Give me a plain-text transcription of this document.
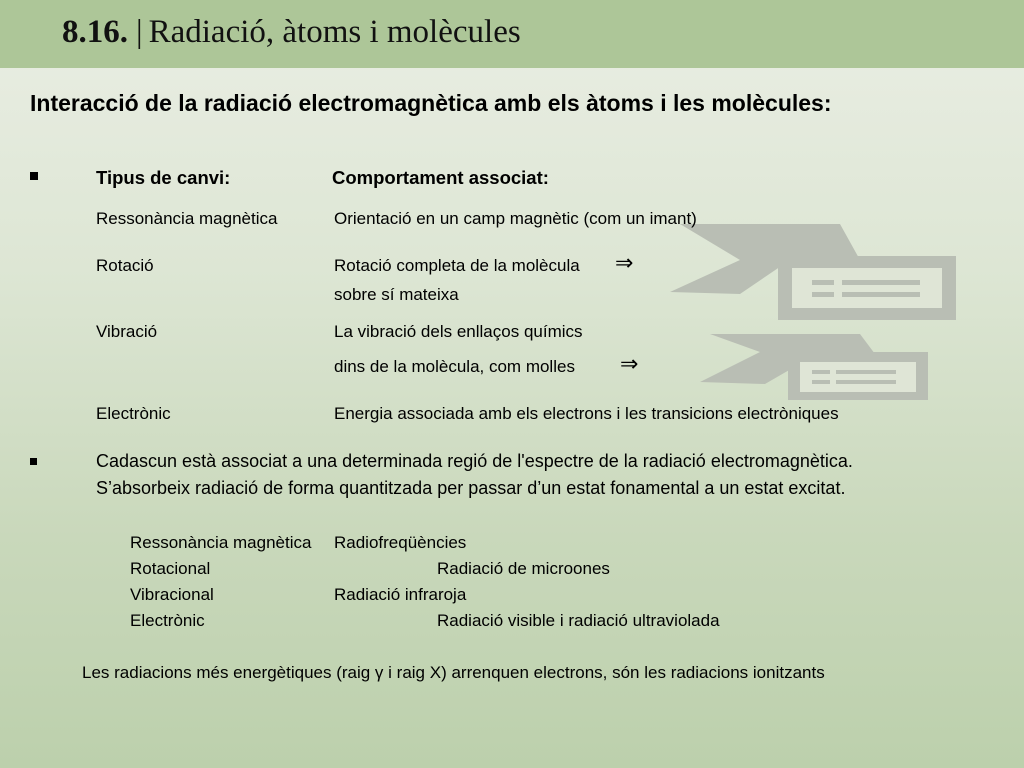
8.16. | Radiació, àtoms i molècules
Interacció de la radiació electromagnètica amb els àtoms i les molècules:
Tipus de canvi:	Comportament associat:
Ressonància magnètica	Orientació en un camp magnètic (com un imant)
Rotació	Rotació completa de la molècula ⇒
sobre sí mateixa
Vibració	La vibració dels enllaços químics
dins de la molècula, com molles ⇒
Electrònic	Energia associada amb els electrons i les transicions electròniques
Cadascun està associat a una determinada regió de l'espectre de la radiació electromagnètica.
S’absorbeix radiació de forma quantitzada per passar d’un estat fonamental a un estat excitat.
Ressonància magnètica Radiofreqüències
Rotacional	Radiació de microones
Vibracional	Radiació infraroja
Electrònic	Radiació visible i radiació ultraviolada
Les radiacions més energètiques (raig γ i raig X) arrenquen electrons, són les radiacions ionitzants
